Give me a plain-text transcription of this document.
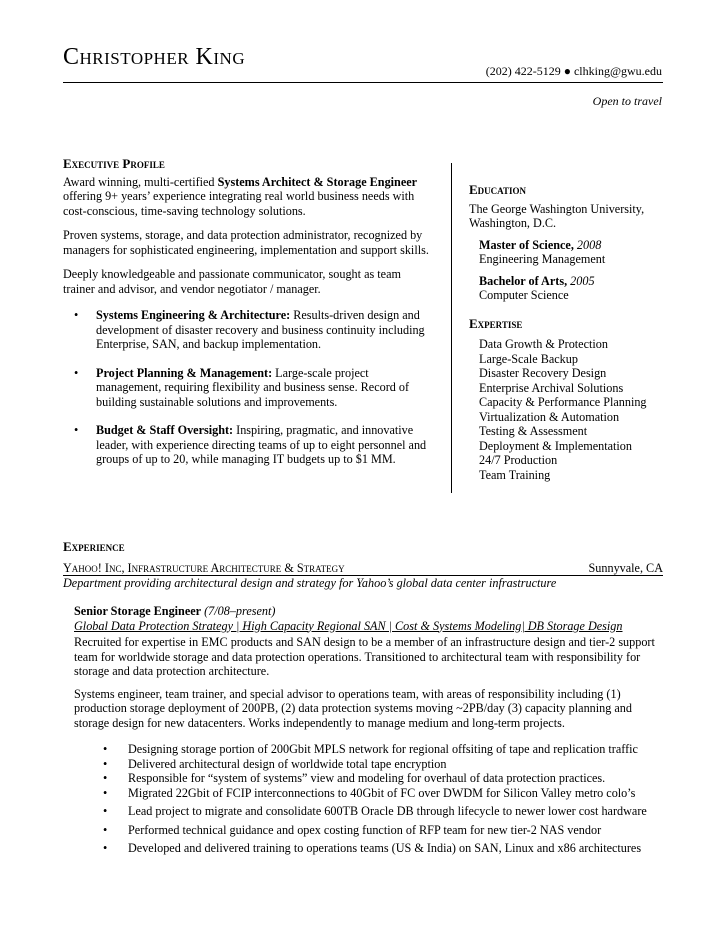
Christopher King
(202) 422-5129 ● clhking@gwu.edu
Open to travel
Executive Profile

Award winning, multi-certified Systems Architect & Storage Engineer offering 9+ years’ experience integrating real world business needs with cost-conscious, time-saving technology solutions.

Proven systems, storage, and data protection administrator, recognized by managers for sophisticated engineering, implementation and support skills.

Deeply knowledgeable and passionate communicator, sought as team trainer and advisor, and vendor negotiator / manager.

• Systems Engineering & Architecture: Results-driven design and development of disaster recovery and business continuity including Enterprise, SAN, and backup implementation.
• Project Planning & Management: Large-scale project management, requiring flexibility and business sense. Record of building sustainable solutions and improvements.
• Budget & Staff Oversight: Inspiring, pragmatic, and innovative leader, with experience directing teams of up to eight personnel and groups of up to 20, while managing IT budgets up to $1 MM.
Education
The George Washington University, Washington, D.C.
Master of Science, 2008
Engineering Management
Bachelor of Arts, 2005
Computer Science
Expertise
Data Growth & Protection
Large-Scale Backup
Disaster Recovery Design
Enterprise Archival Solutions
Capacity & Performance Planning
Virtualization & Automation
Testing & Assessment
Deployment & Implementation
24/7 Production
Team Training
Experience
Yahoo! Inc, Infrastructure Architecture & Strategy	Sunnyvale, CA
Department providing architectural design and strategy for Yahoo’s global data center infrastructure
Senior Storage Engineer (7/08–present)
Global Data Protection Strategy | High Capacity Regional SAN | Cost & Systems Modeling| DB Storage Design

Recruited for expertise in EMC products and SAN design to be a member of an infrastructure design and tier-2 support team for worldwide storage and data protection operations. Transitioned to architectural team with responsibility for storage and data protection architecture.

Systems engineer, team trainer, and special advisor to operations team, with areas of responsibility including (1) production storage deployment of 200PB, (2) data protection systems moving ~2PB/day (3) capacity planning and storage design for new datacenters. Works independently to manage medium and long-term projects.

• Designing storage portion of 200Gbit MPLS network for regional offsiting of tape and replication traffic
• Delivered architectural design of worldwide total tape encryption
• Responsible for “system of systems” view and modeling for overhaul of data protection practices.
• Migrated 22Gbit of FCIP interconnections to 40Gbit of FC over DWDM for Silicon Valley metro colo’s
• Lead project to migrate and consolidate 600TB Oracle DB through lifecycle to newer lower cost hardware
• Performed technical guidance and opex costing function of RFP team for new tier-2 NAS vendor
• Developed and delivered training to operations teams (US & India) on SAN, Linux and x86 architectures
